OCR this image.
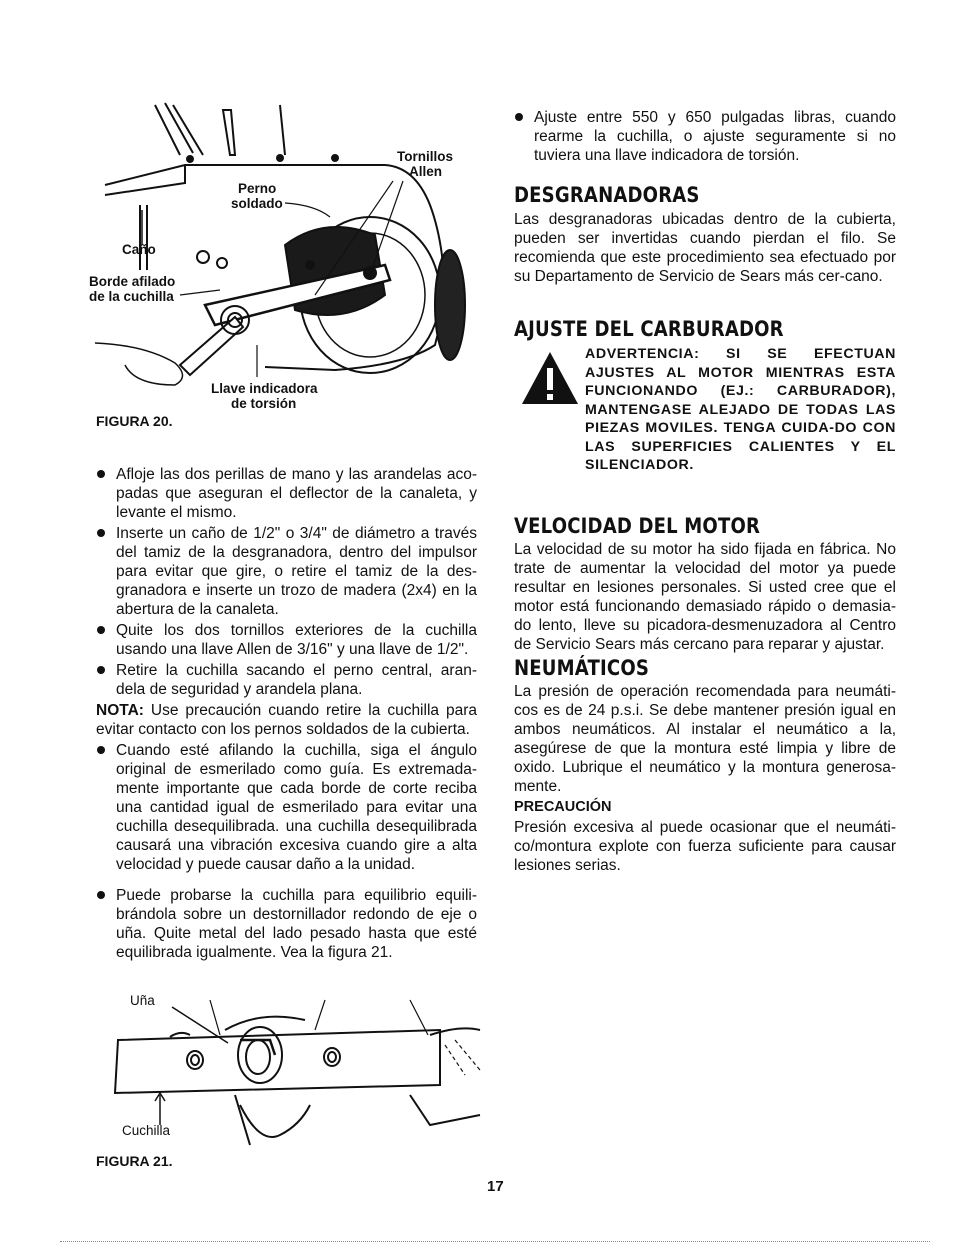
Tornillos
Allen
Perno
soldado
Caño
Borde afilado
de la cuchilla
Llave indicadora
de torsión
FIGURA 20.
Afloje las dos perillas de mano y las arandelas aco-padas que aseguran el deflector de la canaleta, y levante el mismo.
Inserte un caño de 1/2" o 3/4" de diámetro a través del tamiz de la desgranadora, dentro del impulsor para evitar que gire, o retire el tamiz de la des-granadora e inserte un trozo de madera (2x4) en la abertura de la canaleta.
Quite los dos tornillos exteriores de la cuchilla usando una llave Allen de 3/16" y una llave de 1/2".
Retire la cuchilla sacando el perno central, aran-dela de seguridad y arandela plana.

NOTA: Use precaución cuando retire la cuchilla para evitar contacto con los pernos soldados de la cubierta.

Cuando esté afilando la cuchilla, siga el ángulo original de esmerilado como guía. Es extremada-mente importante que cada borde de corte reciba una cantidad igual de esmerilado para evitar una cuchilla desequilibrada. una cuchilla desequilibrada causará una vibración excesiva cuando gire a alta velocidad y puede causar daño a la unidad.
Puede probarse la cuchilla para equilibrio equili-brándola sobre un destornillador redondo de eje o uña. Quite metal del lado pesado hasta que esté equilibrada igualmente. Vea la figura 21.
Uña
Cuchilla
FIGURA 21.
Ajuste entre 550 y 650 pulgadas libras, cuando rearme la cuchilla, o ajuste seguramente si no tuviera una llave indicadora de torsión.
DESGRANADORAS
Las desgranadoras ubicadas dentro de la cubierta, pueden ser invertidas cuando pierdan el filo. Se recomienda que este procedimiento sea efectuado por su Departamento de Servicio de Sears más cer-cano.
AJUSTE DEL CARBURADOR
ADVERTENCIA: SI SE EFECTUAN AJUSTES AL MOTOR MIENTRAS ESTA FUNCIONANDO (EJ.: CARBURADOR), MANTENGASE ALEJADO DE TODAS LAS PIEZAS MOVILES. TENGA CUIDA-DO CON LAS SUPERFICIES CALIENTES Y EL SILENCIADOR.
VELOCIDAD DEL MOTOR
La velocidad de su motor ha sido fijada en fábrica. No trate de aumentar la velocidad del motor ya puede resultar en lesiones personales. Si usted cree que el motor está funcionando demasiado rápido o demasia-do lento, lleve su picadora-desmenuzadora al Centro de Servicio Sears más cercano para reparar y ajustar.
NEUMÁTICOS
La presión de operación recomendada para neumáti-cos es de 24 p.s.i. Se debe mantener presión igual en ambos neumáticos. Al instalar el neumático a la, asegúrese de que la montura esté limpia y libre de oxido. Lubrique el neumático y la montura generosa-mente.
PRECAUCIÓN
Presión excesiva al puede ocasionar que el neumáti-co/montura explote con fuerza suficiente para causar lesiones serias.
17
